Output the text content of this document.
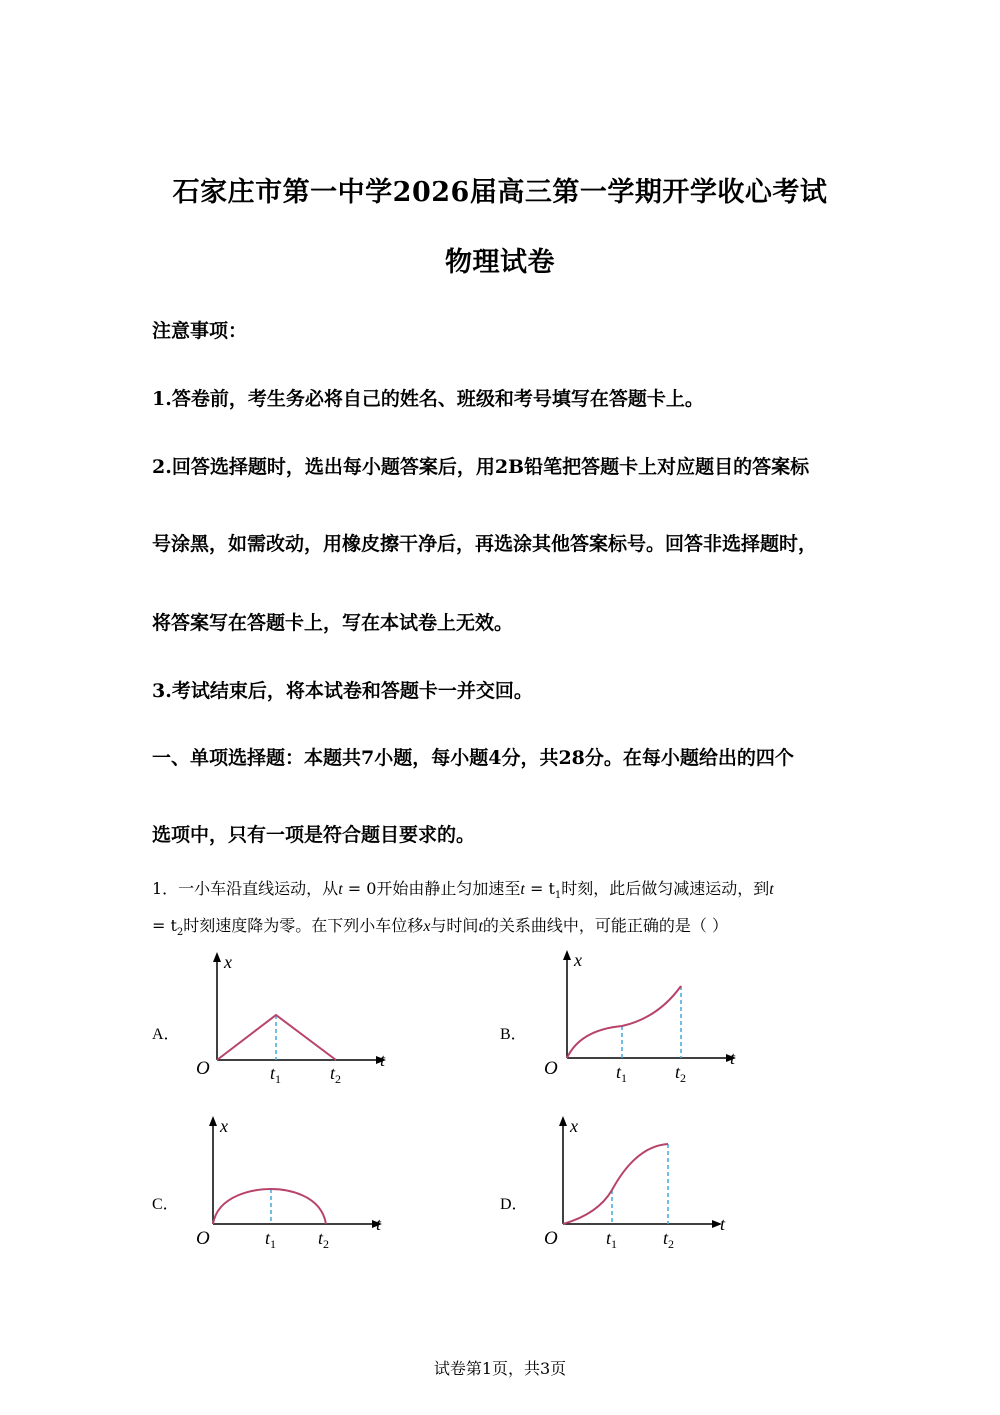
石家庄市第一中学2026届高三第一学期开学收心考试
物理试卷
注意事项：
1.答卷前，考生务必将自己的姓名、班级和考号填写在答题卡上。
2.回答选择题时，选出每小题答案后，用2B铅笔把答题卡上对应题目的答案标
号涂黑，如需改动，用橡皮擦干净后，再选涂其他答案标号。回答非选择题时，
将答案写在答题卡上，写在本试卷上无效。
3.考试结束后，将本试卷和答题卡一并交回。
一、单项选择题：本题共7小题，每小题4分，共28分。在每小题给出的四个
选项中，只有一项是符合题目要求的。
1．一小车沿直线运动，从t = 0开始由静止匀加速至$t = t_1$时刻，此后做匀减速运动，到t
= $t_2$时刻速度降为零。在下列小车位移x与时间t的关系曲线中，可能正确的是（ ）
A．
x
t
O	$t_1$	$t_2$
B．
x
t
O	$t_1$	$t_2$
C．
x
t
O	$t_1$ $t_2$
D．
x
t
O	$t_1$	$t_2$
试卷第1页，共3页
